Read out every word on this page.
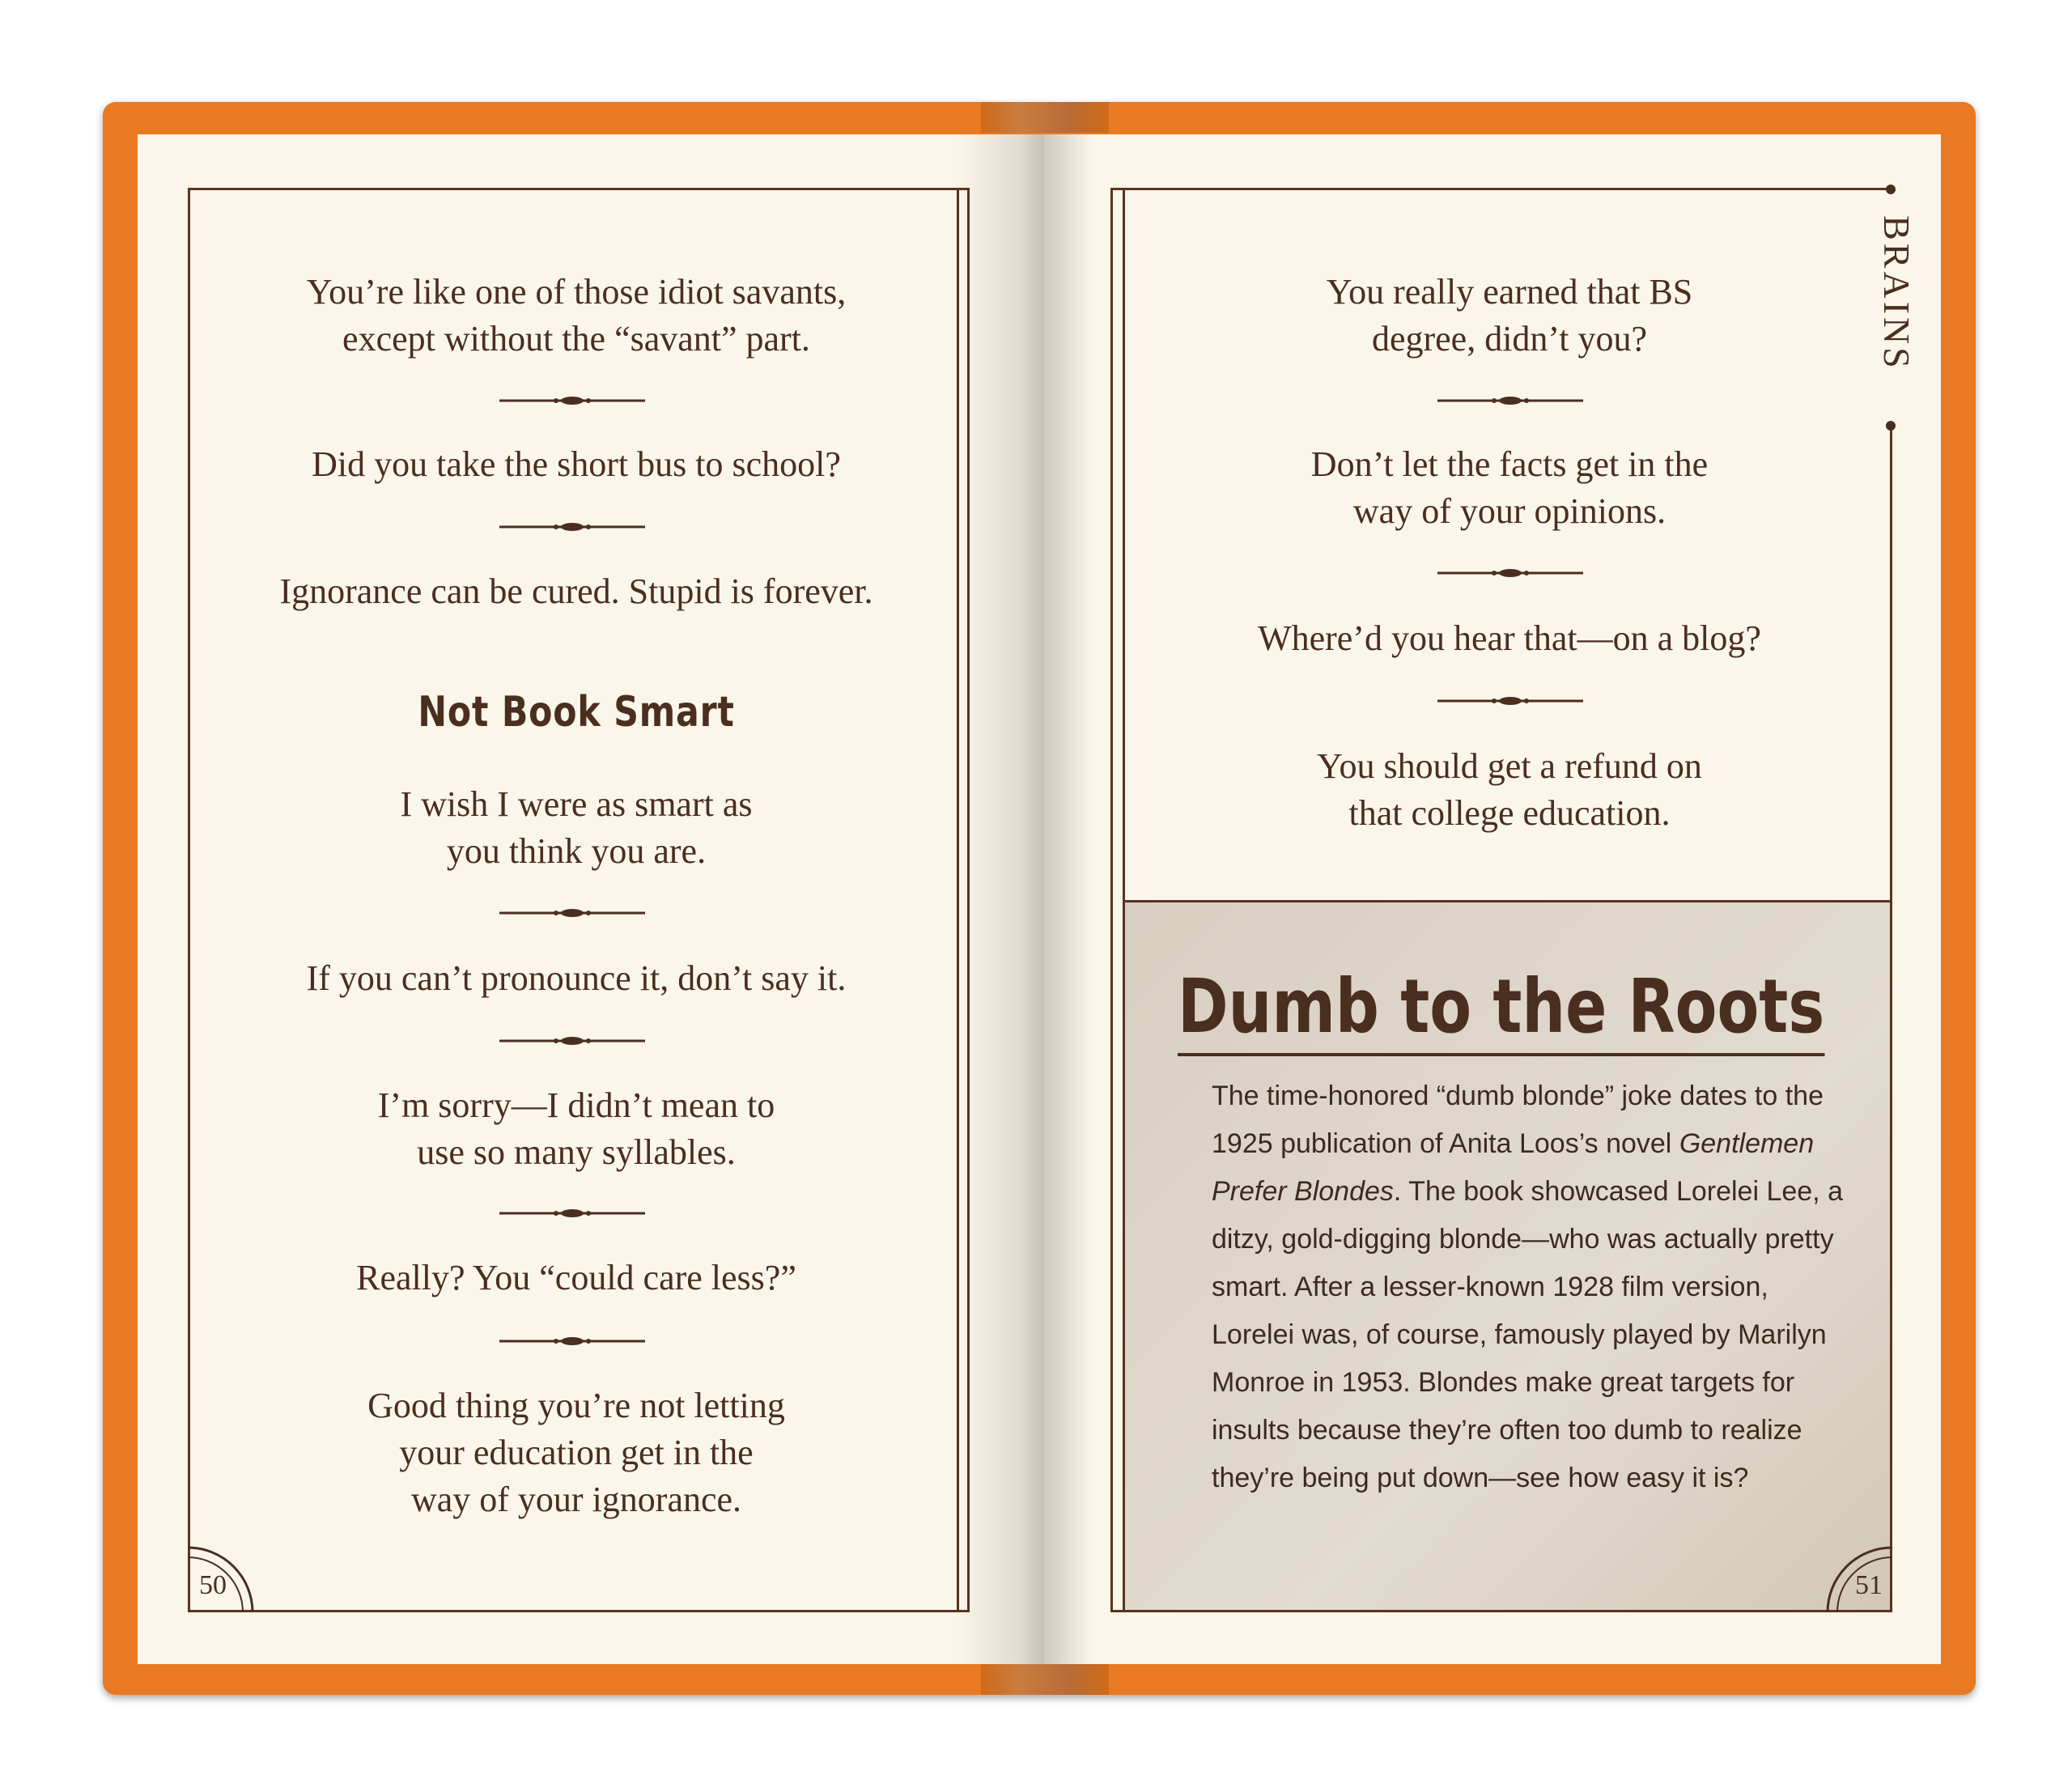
BRAINS
You’re like one of those idiot savants,
except without the “savant” part.
Did you take the short bus to school?
Ignorance can be cured. Stupid is forever.
Not Book Smart
I wish I were as smart as
you think you are.
If you can’t pronounce it, don’t say it.
I’m sorry—I didn’t mean to
use so many syllables.
Really? You “could care less?”
Good thing you’re not letting
your education get in the
way of your ignorance.
50
You really earned that BS
degree, didn’t you?
Don’t let the facts get in the
way of your opinions.
Where’d you hear that—on a blog?
You should get a refund on
that college education.
Dumb to the Roots
The time-honored “dumb blonde” joke dates to the 1925 publication of Anita Loos’s novel Gentlemen Prefer Blondes. The book showcased Lorelei Lee, a ditzy, gold-digging blonde—who was actually pretty smart. After a lesser-known 1928 film version, Lorelei was, of course, famously played by Marilyn Monroe in 1953. Blondes make great targets for insults because they’re often too dumb to realize they’re being put down—see how easy it is?
51
